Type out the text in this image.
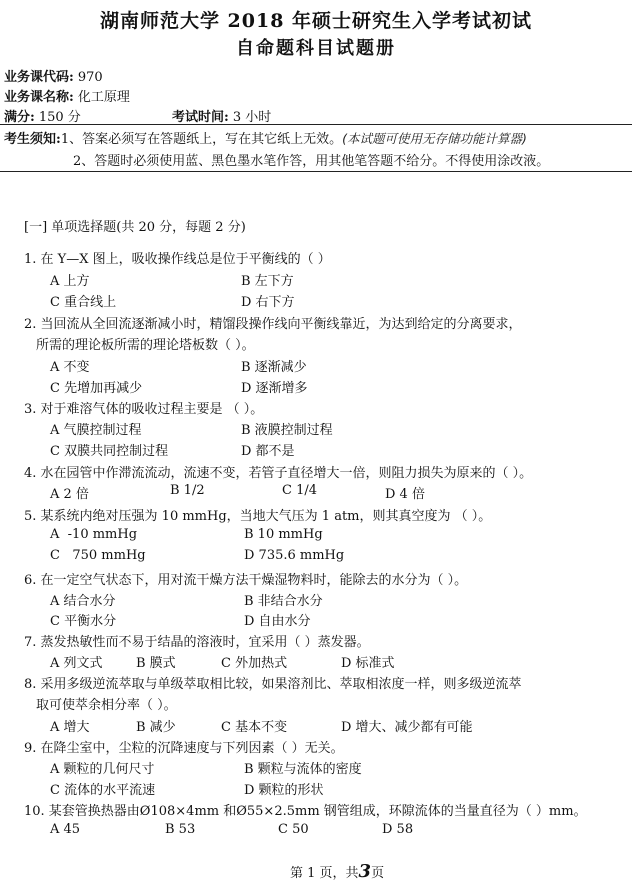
湖南师范大学 2018 年硕士研究生入学考试初试
自命题科目试题册
业务课代码: 970
业务课名称: 化工原理
满分: 150 分	考试时间: 3 小时
考生须知:1、答案必须写在答题纸上，写在其它纸上无效。(本试题可使用无存储功能计算器)
2、答题时必须使用蓝、黑色墨水笔作答，用其他笔答题不给分。不得使用涂改液。
[一] 单项选择题(共 20 分，每题 2 分)
1. 在 Y—X 图上，吸收操作线总是位于平衡线的（ ）
A 上方	B 左下方
C 重合线上	D 右下方
2. 当回流从全回流逐渐减小时，精馏段操作线向平衡线靠近，为达到给定的分离要求，
所需的理论板所需的理论塔板数（ ）。
A 不变	B 逐渐减少
C 先增加再减少	D 逐渐增多
3. 对于难溶气体的吸收过程主要是 （ ）。
A 气膜控制过程	B 液膜控制过程
C 双膜共同控制过程	D 都不是
4. 水在园管中作滞流流动，流速不变，若管子直径增大一倍，则阻力损失为原来的（ ）。
A 2 倍	B 1/2	C 1/4	D 4 倍
5. 某系统内绝对压强为 10 mmHg，当地大气压为 1 atm，则其真空度为 （ ）。
A  -10 mmHg	B 10 mmHg
C   750 mmHg	D 735.6 mmHg
6. 在一定空气状态下，用对流干燥方法干燥湿物料时，能除去的水分为（ ）。
A 结合水分	B 非结合水分
C 平衡水分	D 自由水分
7. 蒸发热敏性而不易于结晶的溶液时，宜采用（ ）蒸发器。
A 列文式	B 膜式	C 外加热式	D 标准式
8. 采用多级逆流萃取与单级萃取相比较，如果溶剂比、萃取相浓度一样，则多级逆流萃
取可使萃余相分率（ ）。
A 增大	B 减少	C 基本不变	D 增大、减少都有可能
9. 在降尘室中，尘粒的沉降速度与下列因素（ ）无关。
A 颗粒的几何尺寸	B 颗粒与流体的密度
C 流体的水平流速	D 颗粒的形状
10. 某套管换热器由Ø108×4mm 和Ø55×2.5mm 钢管组成，环隙流体的当量直径为（ ）mm。
A 45	B 53	C 50	D 58
第 1 页，共3页
